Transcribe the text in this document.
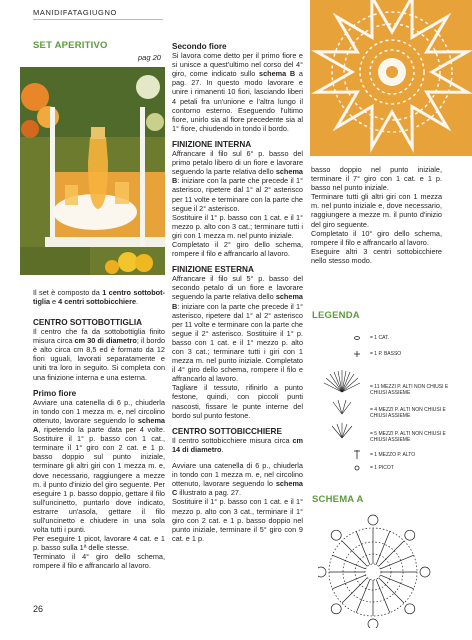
MANIDIFATAGIUGNO
SET APERITIVO
pag 20

Il set è composto da 1 centro sottobot-tiglia e 4 centri sottobicchiere.

CENTRO SOTTOBOTTIGLIA

Il centro che fa da sottobottiglia finito misura circa cm 30 di diametro; il bordo è alto circa cm 8,5 ed è formato da 12 fiori uguali, lavorati separatamente e uniti tra loro in seguito. Si completa con una finizione interna e una esterna.

Primo fiore

Avviare una catenella di 6 p., chiuderla in tondo con 1 mezza m. e, nel circolino ottenuto, lavorare seguendo lo schema A, ripetendo la parte data per 4 volte. Sostituire il 1° p. basso con 1 cat., terminare il 1° giro con 2 cat. e 1 p. basso doppio sul punto iniziale, terminare gli altri giri con 1 mezza m. e, dove necessario, raggiungere a mezze m. il punto d'inizio del giro seguente. Per eseguire 1 p. basso doppio, gettare il filo sull'uncinetto, puntarlo dove indicato, estrarre un'asola, gettare il filo sull'uncinetto e chiudere in una sola volta tutti i punti.

Per eseguire 1 picot, lavorare 4 cat. e 1 p. basso sulla 1ª delle stesse.

Terminato il 4° giro dello schema, rompere il filo e affrancarlo al lavoro.

Secondo fiore

Si lavora come detto per il primo fiore e si unisce a quest'ultimo nel corso del 4° giro, come indicato sullo schema B a pag. 27. In questo modo lavorare e unire i rimanenti 10 fiori, lasciando liberi 4 petali fra un'unione e l'altra lungo il contorno esterno. Eseguendo l'ultimo fiore, unirlo sia al fiore precedente sia al 1° fiore, chiudendo in tondo il bordo.

FINIZIONE INTERNA

Affrancare il filo sul 6° p. basso del primo petalo libero di un fiore e lavorare seguendo la parte relativa dello schema B: iniziare con la parte che precede il 1° asterisco, ripetere dal 1° al 2° asterisco per 11 volte e terminare con la parte che segue il 2° asterisco.

Sostituire il 1° p. basso con 1 cat. e il 1° mezzo p. alto con 3 cat.; terminare tutti i giri con 1 mezza m. nel punto iniziale.

Completato il 2° giro dello schema, rompere il filo e affrancarlo al lavoro.

FINIZIONE ESTERNA

Affrancare il filo sul 5° p. basso del secondo petalo di un fiore e lavorare seguendo la parte relativa dello schema B: iniziare con la parte che precede il 1° asterisco, ripetere dal 1° al 2° asterisco per 11 volte e terminare con la parte che segue il 2° asterisco. Sostituire il 1° p. basso con 1 cat. e il 1° mezzo p. alto con 3 cat.; terminare tutti i giri con 1 mezza m. nel punto iniziale. Completato il 4° giro dello schema, rompere il filo e affrancarlo al lavoro.

Tagliare il tessuto, rifinirlo a punto festone, quindi, con piccoli punti nascosti, fissare le punte interne del bordo sul punto festone.

CENTRO SOTTOBICCHIERE

Il centro sottobicchiere misura circa cm 14 di diametro.

Avviare una catenella di 6 p., chiuderla in tondo con 1 mezza m. e, nel circolino ottenuto, lavorare seguendo lo schema C illustrato a pag. 27.

Sostituire il 1° p. basso con 1 cat. e il 1° mezzo p. alto con 3 cat., terminare il 1° giro con 2 cat. e 1 p. basso doppio nel punto iniziale, terminare il 5° giro con 9 cat. e 1 p.

basso doppio nel punto iniziale, terminare il 7° giro con 1 cat. e 1 p. basso nel punto iniziale.

Terminare tutti gli altri giri con 1 mezza m. nel punto iniziale e, dove necessario, raggiungere a mezze m. il punto d'inizio del giro seguente.

Completato il 10° giro dello schema, rompere il filo e affrancarlo al lavoro.

Eseguire altri 3 centri sottobicchiere nello stesso modo.

LEGENDA
= 1 CAT.
= 1 P. BASSO
= 11 MEZZI P. ALTI NON CHIUSI E CHIUSI ASSIEME
= 4 MEZZI P. ALTI NON CHIUSI E CHIUSI ASSIEME
= 5 MEZZI P. ALTI NON CHIUSI E CHIUSI ASSIEME
= 1 MEZZO P. ALTO
= 1 PICOT
SCHEMA A
26
